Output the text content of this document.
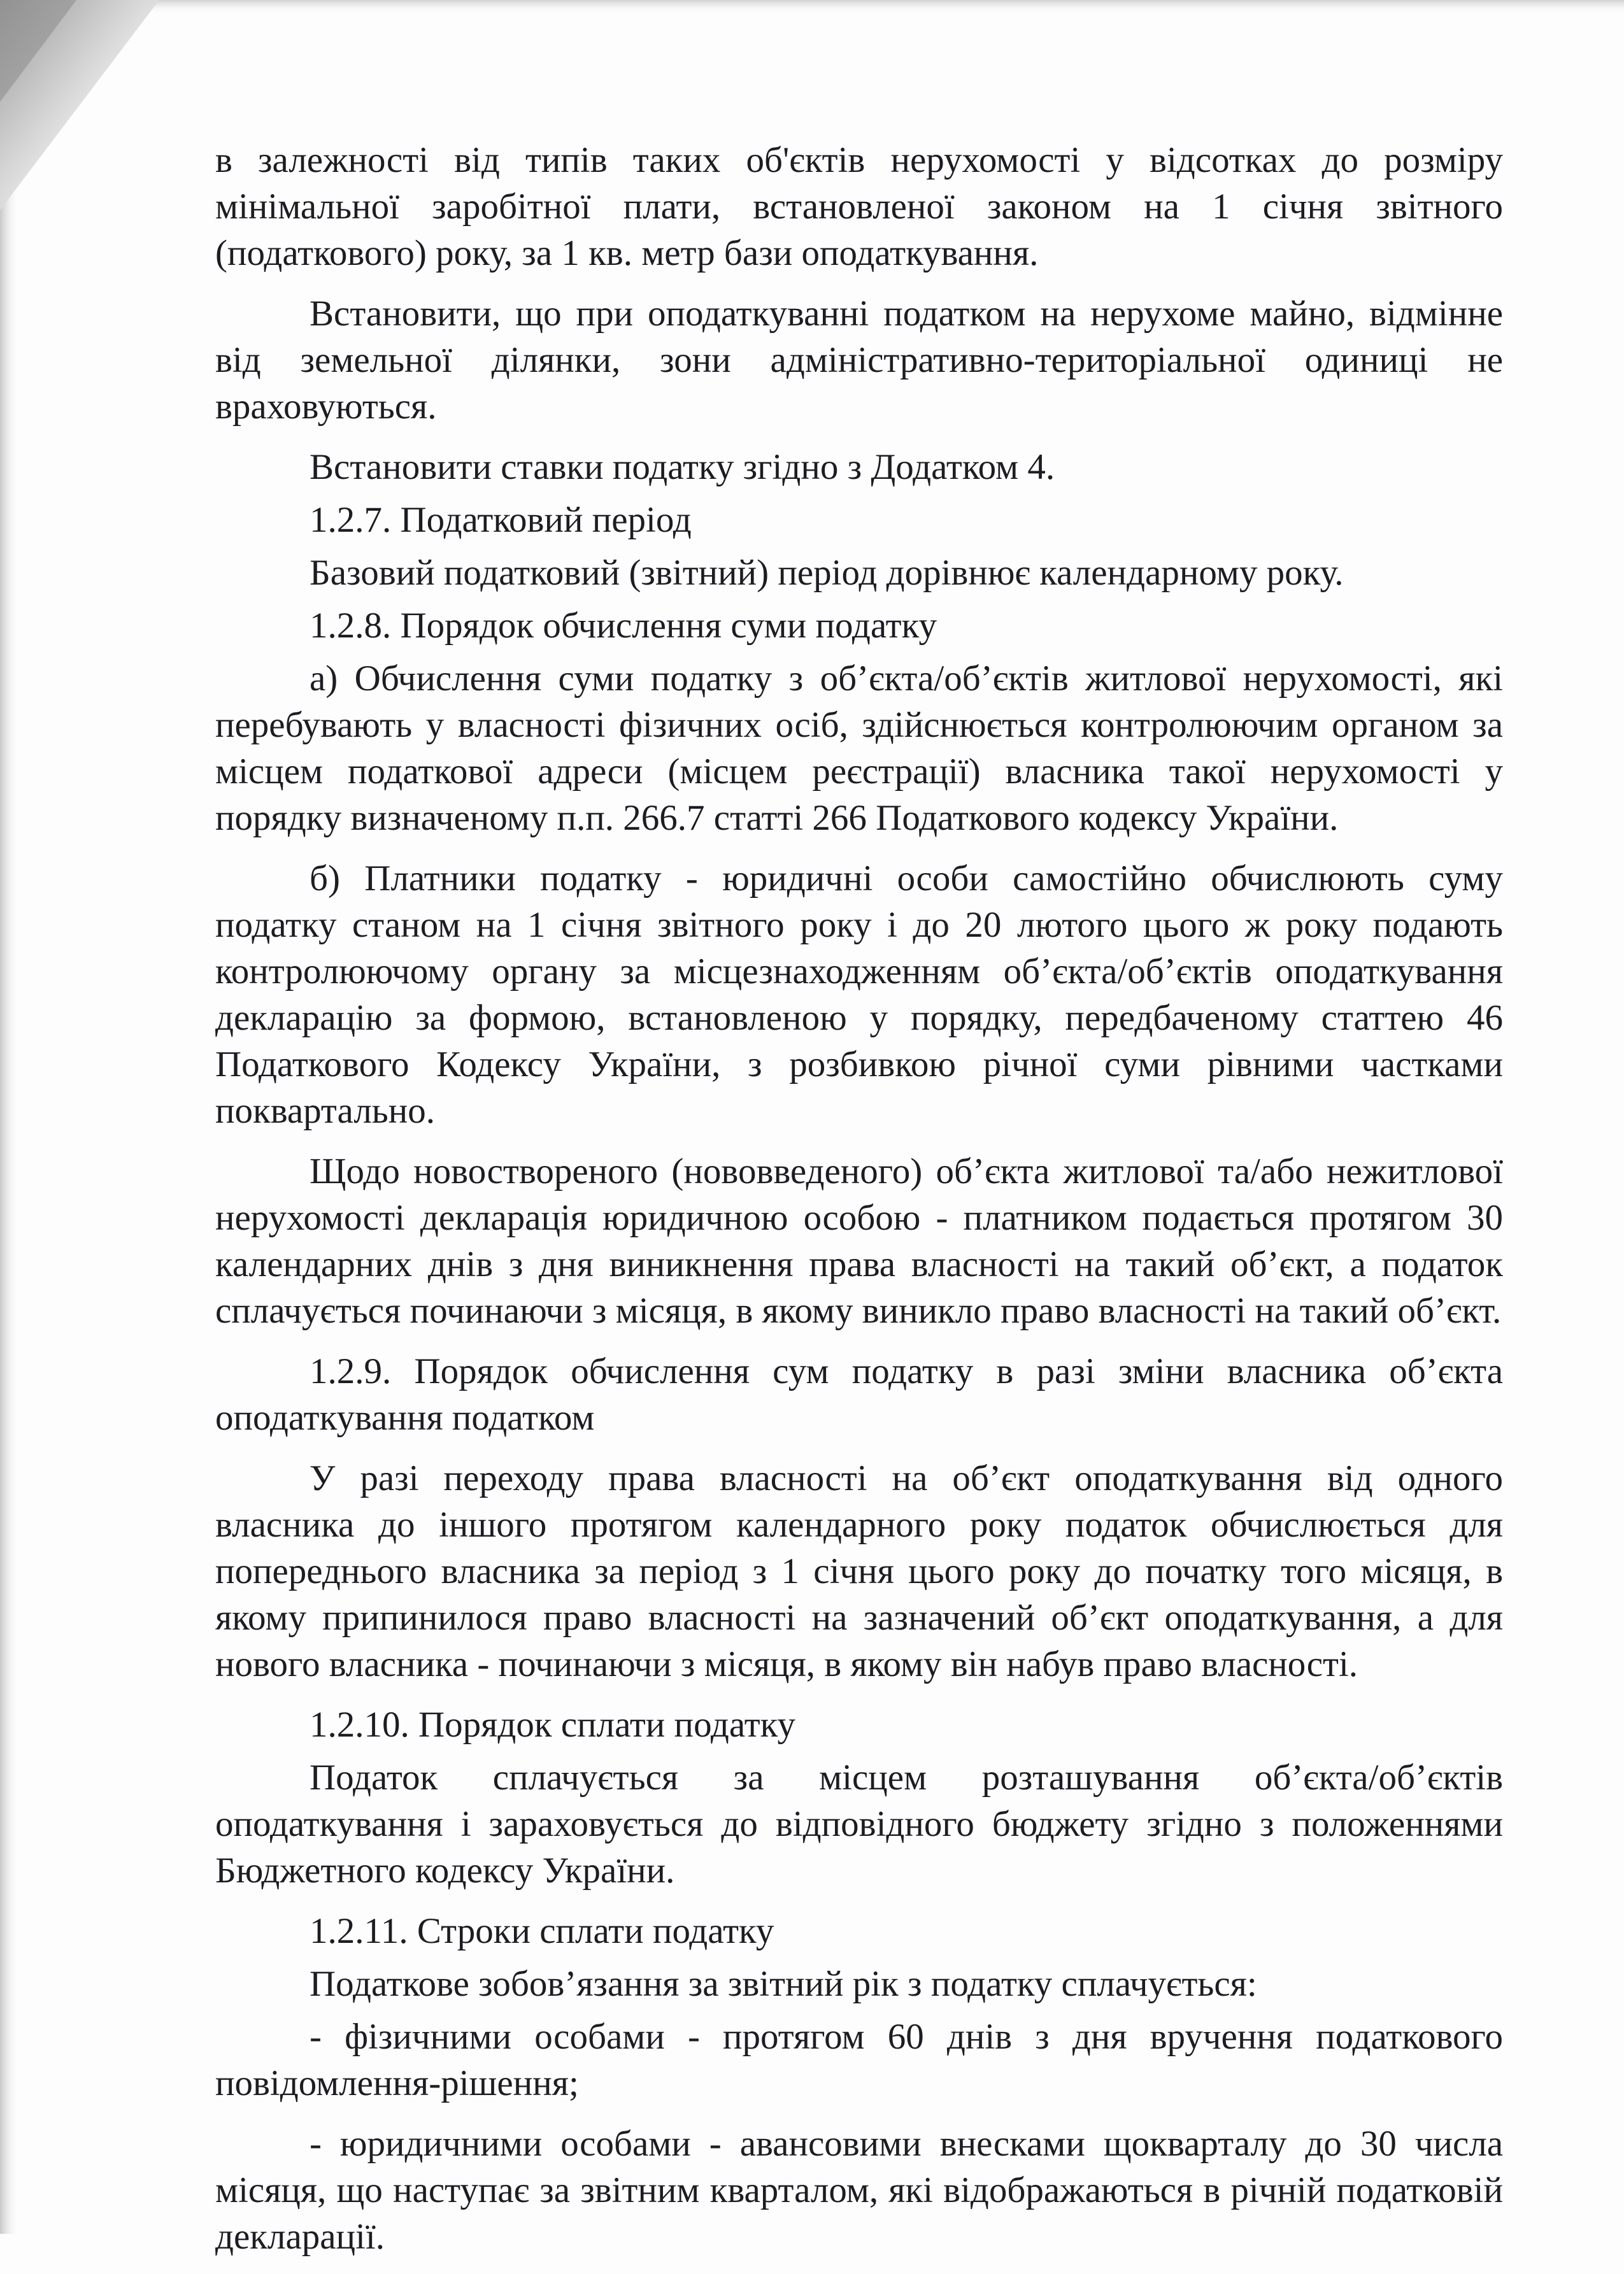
в залежності від типів таких об'єктів нерухомості у відсотках до розміру мінімальної заробітної плати, встановленої законом на 1 січня звітного (податкового) року, за 1 кв. метр бази оподаткування.

Встановити, що при оподаткуванні податком на нерухоме майно, відмінне від земельної ділянки, зони адміністративно-територіальної одиниці не враховуються.

Встановити ставки податку згідно з Додатком 4.

1.2.7. Податковий період

Базовий податковий (звітний) період дорівнює календарному року.

1.2.8. Порядок обчислення суми податку

а) Обчислення суми податку з об’єкта/об’єктів житлової нерухомості, які перебувають у власності фізичних осіб, здійснюється контролюючим органом за місцем податкової адреси (місцем реєстрації) власника такої нерухомості у порядку визначеному п.п. 266.7 статті 266 Податкового кодексу України.

б) Платники податку - юридичні особи самостійно обчислюють суму податку станом на 1 січня звітного року і до 20 лютого цього ж року подають контролюючому органу за місцезнаходженням об’єкта/об’єктів оподаткування декларацію за формою, встановленою у порядку, передбаченому статтею 46 Податкового Кодексу України, з розбивкою річної суми рівними частками поквартально.

Щодо новоствореного (нововведеного) об’єкта житлової та/або нежитлової нерухомості декларація юридичною особою - платником подається протягом 30 календарних днів з дня виникнення права власності на такий об’єкт, а податок сплачується починаючи з місяця, в якому виникло право власності на такий об’єкт.

1.2.9. Порядок обчислення сум податку в разі зміни власника об’єкта оподаткування податком

У разі переходу права власності на об’єкт оподаткування від одного власника до іншого протягом календарного року податок обчислюється для попереднього власника за період з 1 січня цього року до початку того місяця, в якому припинилося право власності на зазначений об’єкт оподаткування, а для нового власника - починаючи з місяця, в якому він набув право власності.

1.2.10. Порядок сплати податку

Податок сплачується за місцем розташування об’єкта/об’єктів оподаткування і зараховується до відповідного бюджету згідно з положеннями Бюджетного кодексу України.

1.2.11. Строки сплати податку

Податкове зобов’язання за звітний рік з податку сплачується:

- фізичними особами - протягом 60 днів з дня вручення податкового повідомлення-рішення;

- юридичними особами - авансовими внесками щокварталу до 30 числа місяця, що наступає за звітним кварталом, які відображаються в річній податковій декларації.
